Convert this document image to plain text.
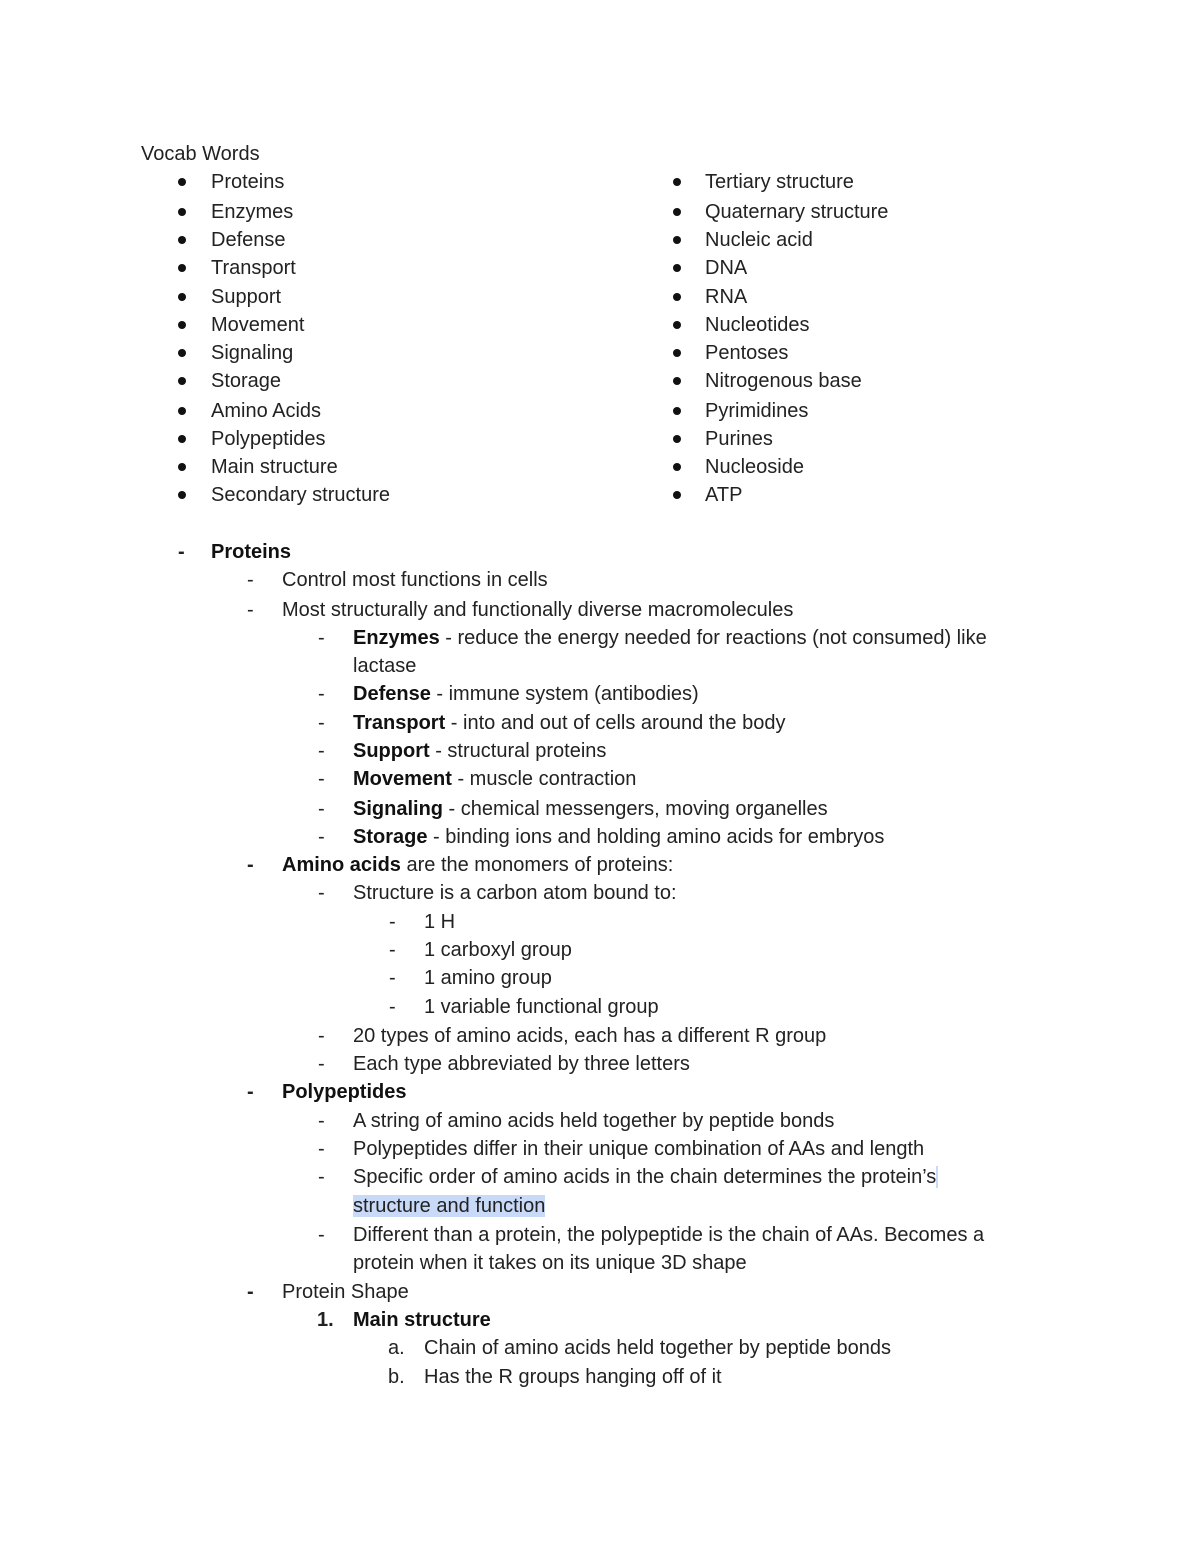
Vocab Words
Proteins
Enzymes
Defense
Transport
Support
Movement
Signaling
Storage
Amino Acids
Polypeptides
Main structure
Secondary structure
Tertiary structure
Quaternary structure
Nucleic acid
DNA
RNA
Nucleotides
Pentoses
Nitrogenous base
Pyrimidines
Purines
Nucleoside
ATP
- Proteins
- Control most functions in cells
- Most structurally and functionally diverse macromolecules
- Enzymes - reduce the energy needed for reactions (not consumed) like
lactase
- Defense - immune system (antibodies)
- Transport - into and out of cells around the body
- Support - structural proteins
- Movement - muscle contraction
- Signaling - chemical messengers, moving organelles
- Storage - binding ions and holding amino acids for embryos
- Amino acids are the monomers of proteins:
- Structure is a carbon atom bound to:
- 1 H
- 1 carboxyl group
- 1 amino group
- 1 variable functional group
- 20 types of amino acids, each has a different R group
- Each type abbreviated by three letters
- Polypeptides
- A string of amino acids held together by peptide bonds
- Polypeptides differ in their unique combination of AAs and length
- Specific order of amino acids in the chain determines the protein’s 
structure and function
- Different than a protein, the polypeptide is the chain of AAs. Becomes a
protein when it takes on its unique 3D shape
- Protein Shape
1. Main structure
a. Chain of amino acids held together by peptide bonds
b. Has the R groups hanging off of it
